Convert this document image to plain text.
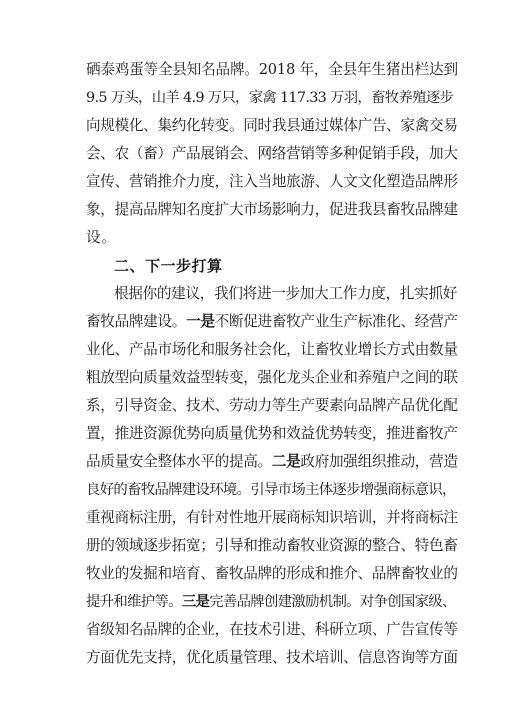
硒泰鸡蛋等全县知名品牌。2018 年，全县年生猪出栏达到
9.5 万头，山羊 4.9 万只，家禽 117.33 万羽，畜牧养殖逐步
向规模化、集约化转变。同时我县通过媒体广告、家禽交易
会、农（畜）产品展销会、网络营销等多种促销手段，加大
宣传、营销推介力度，注入当地旅游、人文文化塑造品牌形
象，提高品牌知名度扩大市场影响力，促进我县畜牧品牌建
设。
二、下一步打算
根据你的建议，我们将进一步加大工作力度，扎实抓好
畜牧品牌建设。一是不断促进畜牧产业生产标准化、经营产
业化、产品市场化和服务社会化，让畜牧业增长方式由数量
粗放型向质量效益型转变，强化龙头企业和养殖户之间的联
系，引导资金、技术、劳动力等生产要素向品牌产品优化配
置，推进资源优势向质量优势和效益优势转变，推进畜牧产
品质量安全整体水平的提高。二是政府加强组织推动，营造
良好的畜牧品牌建设环境。引导市场主体逐步增强商标意识，
重视商标注册，有针对性地开展商标知识培训，并将商标注
册的领域逐步拓宽；引导和推动畜牧业资源的整合、特色畜
牧业的发掘和培育、畜牧品牌的形成和推介、品牌畜牧业的
提升和维护等。三是完善品牌创建激励机制。对争创国家级、
省级知名品牌的企业，在技术引进、科研立项、广告宣传等
方面优先支持，优化质量管理、技术培训、信息咨询等方面
